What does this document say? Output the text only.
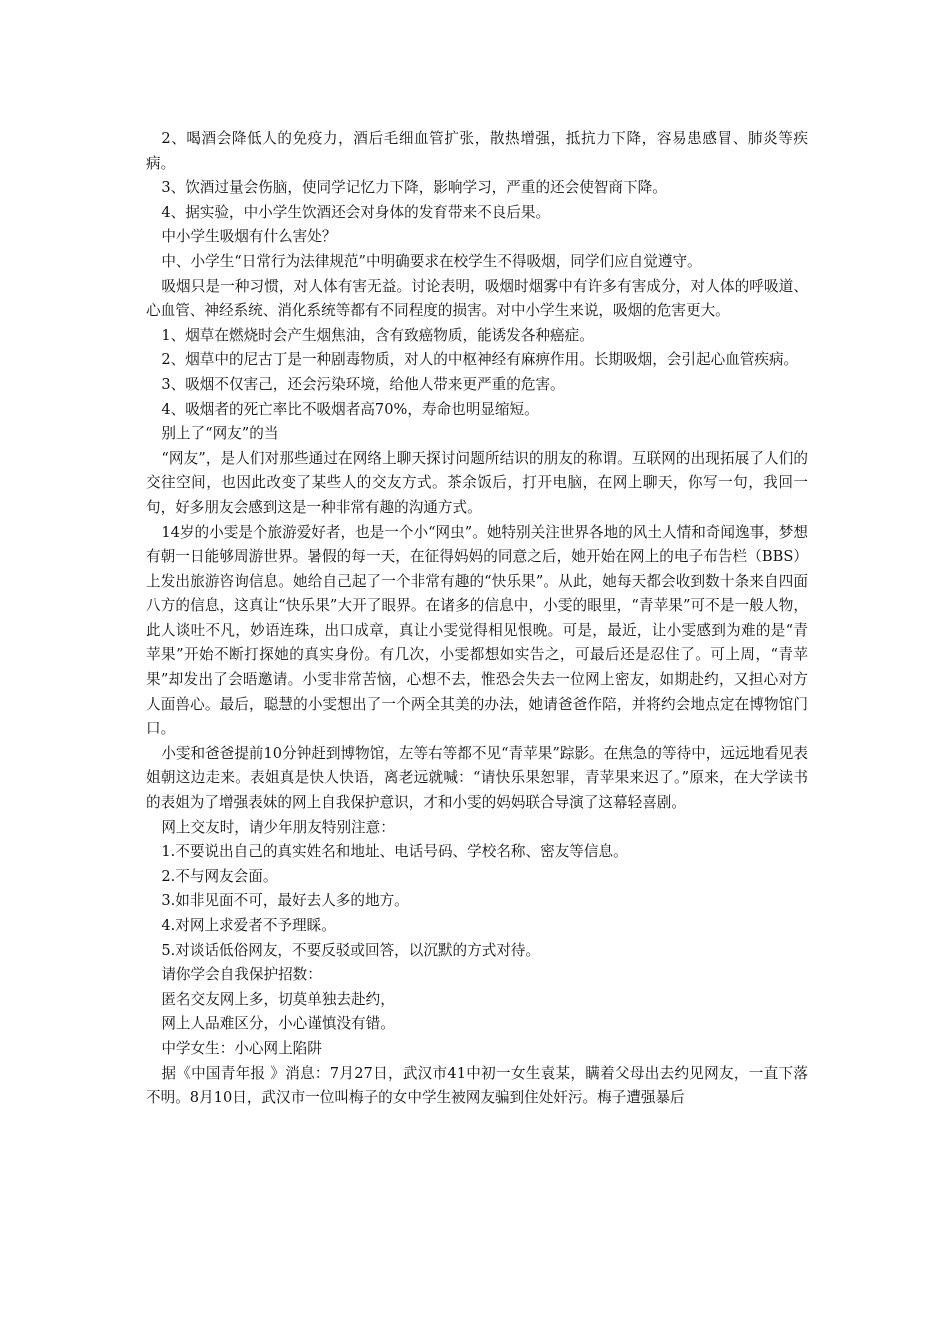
2、喝酒会降低人的免疫力，酒后毛细血管扩张，散热增强，抵抗力下降，容易患感冒、肺炎等疾病。

3、饮酒过量会伤脑，使同学记忆力下降，影响学习，严重的还会使智商下降。

4、据实验，中小学生饮酒还会对身体的发育带来不良后果。

中小学生吸烟有什么害处？

中、小学生“日常行为法律规范”中明确要求在校学生不得吸烟，同学们应自觉遵守。

吸烟只是一种习惯，对人体有害无益。讨论表明，吸烟时烟雾中有许多有害成分，对人体的呼吸道、心血管、神经系统、消化系统等都有不同程度的损害。对中小学生来说，吸烟的危害更大。

1、烟草在燃烧时会产生烟焦油，含有致癌物质，能诱发各种癌症。

2、烟草中的尼古丁是一种剧毒物质，对人的中枢神经有麻痹作用。长期吸烟，会引起心血管疾病。

3、吸烟不仅害己，还会污染环境，给他人带来更严重的危害。

4、吸烟者的死亡率比不吸烟者高70%，寿命也明显缩短。

别上了“网友”的当

“网友”，是人们对那些通过在网络上聊天探讨问题所结识的朋友的称谓。互联网的出现拓展了人们的交往空间，也因此改变了某些人的交友方式。茶余饭后，打开电脑，在网上聊天，你写一句，我回一句，好多朋友会感到这是一种非常有趣的沟通方式。

14岁的小雯是个旅游爱好者，也是一个小“网虫”。她特别关注世界各地的风土人情和奇闻逸事，梦想有朝一日能够周游世界。暑假的每一天，在征得妈妈的同意之后，她开始在网上的电子布告栏（BBS）上发出旅游咨询信息。她给自己起了一个非常有趣的“快乐果”。从此，她每天都会收到数十条来自四面八方的信息，这真让“快乐果”大开了眼界。在诸多的信息中，小雯的眼里，“青苹果”可不是一般人物，此人谈吐不凡，妙语连珠，出口成章，真让小雯觉得相见恨晚。可是，最近，让小雯感到为难的是“青苹果”开始不断打探她的真实身份。有几次，小雯都想如实告之，可最后还是忍住了。可上周，“青苹果”却发出了会晤邀请。小雯非常苦恼，心想不去，惟恐会失去一位网上密友，如期赴约，又担心对方人面兽心。最后，聪慧的小雯想出了一个两全其美的办法，她请爸爸作陪，并将约会地点定在博物馆门口。

小雯和爸爸提前10分钟赶到博物馆，左等右等都不见“青苹果”踪影。在焦急的等待中，远远地看见表姐朝这边走来。表姐真是快人快语，离老远就喊：“请快乐果恕罪，青苹果来迟了。”原来，在大学读书的表姐为了增强表妹的网上自我保护意识，才和小雯的妈妈联合导演了这幕轻喜剧。

网上交友时，请少年朋友特别注意：

1.不要说出自己的真实姓名和地址、电话号码、学校名称、密友等信息。

2.不与网友会面。

3.如非见面不可，最好去人多的地方。

4.对网上求爱者不予理睬。

5.对谈话低俗网友，不要反驳或回答，以沉默的方式对待。

请你学会自我保护招数：

匿名交友网上多，切莫单独去赴约，

网上人品难区分，小心谨慎没有错。

中学女生：小心网上陷阱

据《中国青年报 》消息：7月27日，武汉市41中初一女生袁某，瞒着父母出去约见网友，一直下落不明。8月10日，武汉市一位叫梅子的女中学生被网友骗到住处奸污。梅子遭强暴后
